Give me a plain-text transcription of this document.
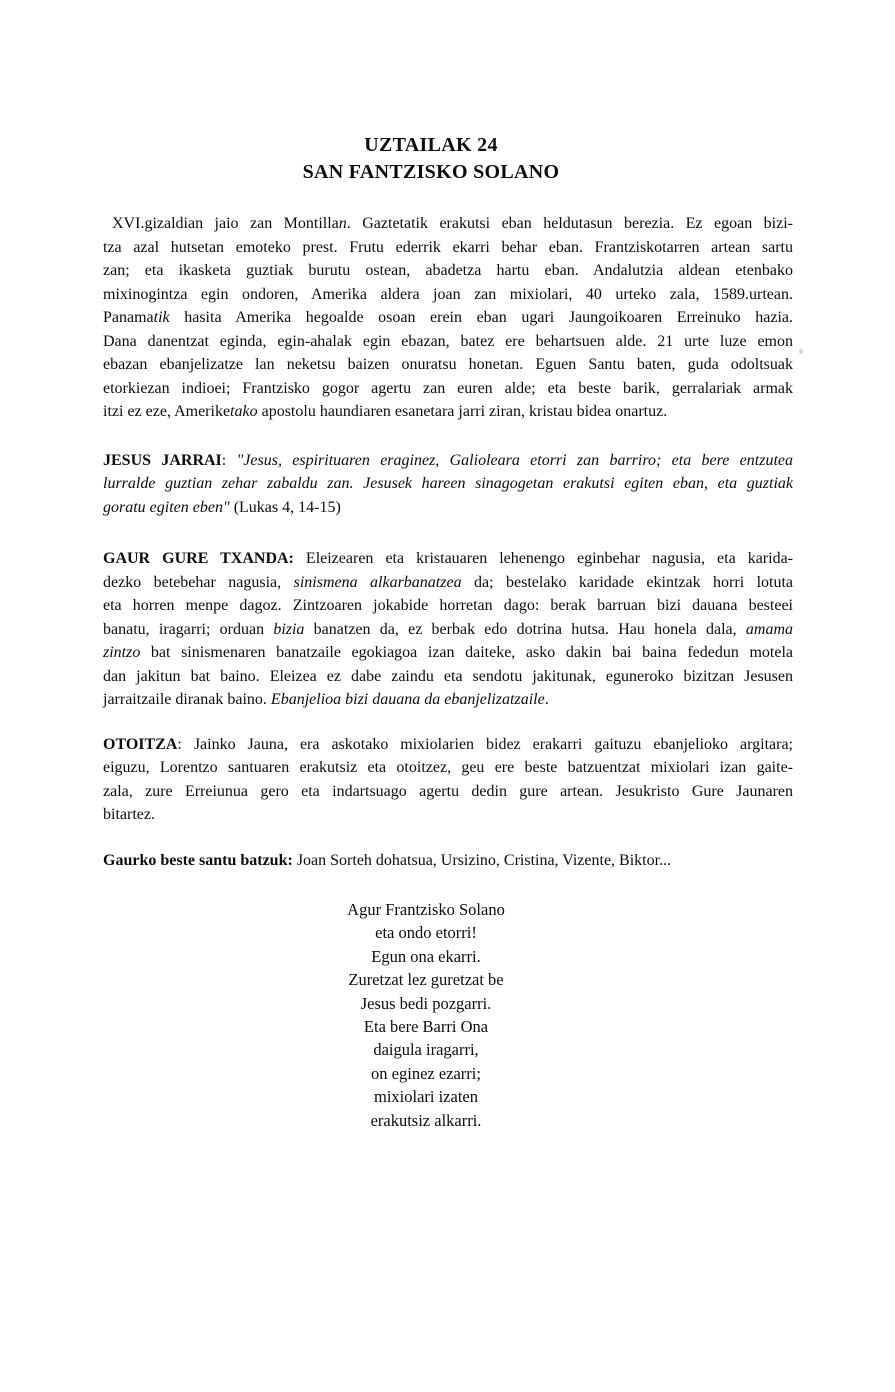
UZTAILAK 24
SAN FANTZISKO SOLANO
XVI.gizaldian jaio zan Montillan. Gaztetatik erakutsi eban heldutasun berezia. Ez egoan bizi-
tza azal hutsetan emoteko prest. Frutu ederrik ekarri behar eban. Frantziskotarren artean sartu
zan; eta ikasketa guztiak burutu ostean, abadetza hartu eban. Andalutzia aldean etenbako
mixinogintza egin ondoren, Amerika aldera joan zan mixiolari, 40 urteko zala, 1589.urtean.
Panamatik hasita Amerika hegoalde osoan erein eban ugari Jaungoikoaren Erreinuko hazia.
Dana danentzat eginda, egin-ahalak egin ebazan, batez ere behartsuen alde. 21 urte luze emon
ebazan ebanjelizatze lan neketsu baizen onuratsu honetan. Eguen Santu baten, guda odoltsuak
etorkiezan indioei; Frantzisko gogor agertu zan euren alde; eta beste barik, gerralariak armak
itzi ez eze, Ameriketako apostolu haundiaren esanetara jarri ziran, kristau bidea onartuz.
JESUS JARRAI: "Jesus, espirituaren eraginez, Galioleara etorri zan barriro; eta bere entzutea
lurralde guztian zehar zabaldu zan. Jesusek hareen sinagogetan erakutsi egiten eban, eta guztiak
goratu egiten eben" (Lukas 4, 14-15)
GAUR GURE TXANDA: Eleizearen eta kristauaren lehenengo eginbehar nagusia, eta karida-
dezko betebehar nagusia, sinismena alkarbanatzea da; bestelako karidade ekintzak horri lotuta
eta horren menpe dagoz. Zintzoaren jokabide horretan dago: berak barruan bizi dauana besteei
banatu, iragarri; orduan bizia banatzen da, ez berbak edo dotrina hutsa. Hau honela dala, amama
zintzo bat sinismenaren banatzaile egokiagoa izan daiteke, asko dakin bai baina fededun motela
dan jakitun bat baino. Eleizea ez dabe zaindu eta sendotu jakitunak, eguneroko bizitzan Jesusen
jarraitzaile diranak baino. Ebanjelioa bizi dauana da ebanjelizatzaile.
OTOITZA: Jainko Jauna, era askotako mixiolarien bidez erakarri gaituzu ebanjelioko argitara;
eiguzu, Lorentzo santuaren erakutsiz eta otoitzez, geu ere beste batzuentzat mixiolari izan gaite-
zala, zure Erreiunua gero eta indartsuago agertu dedin gure artean. Jesukristo Gure Jaunaren
bitartez.
Gaurko beste santu batzuk: Joan Sorteh dohatsua, Ursizino, Cristina, Vizente, Biktor...
Agur Frantzisko Solano
eta ondo etorri!
Egun ona ekarri.
Zuretzat lez guretzat be
Jesus bedi pozgarri.
Eta bere Barri Ona
daigula iragarri,
on eginez ezarri;
mixiolari izaten
erakutsiz alkarri.
